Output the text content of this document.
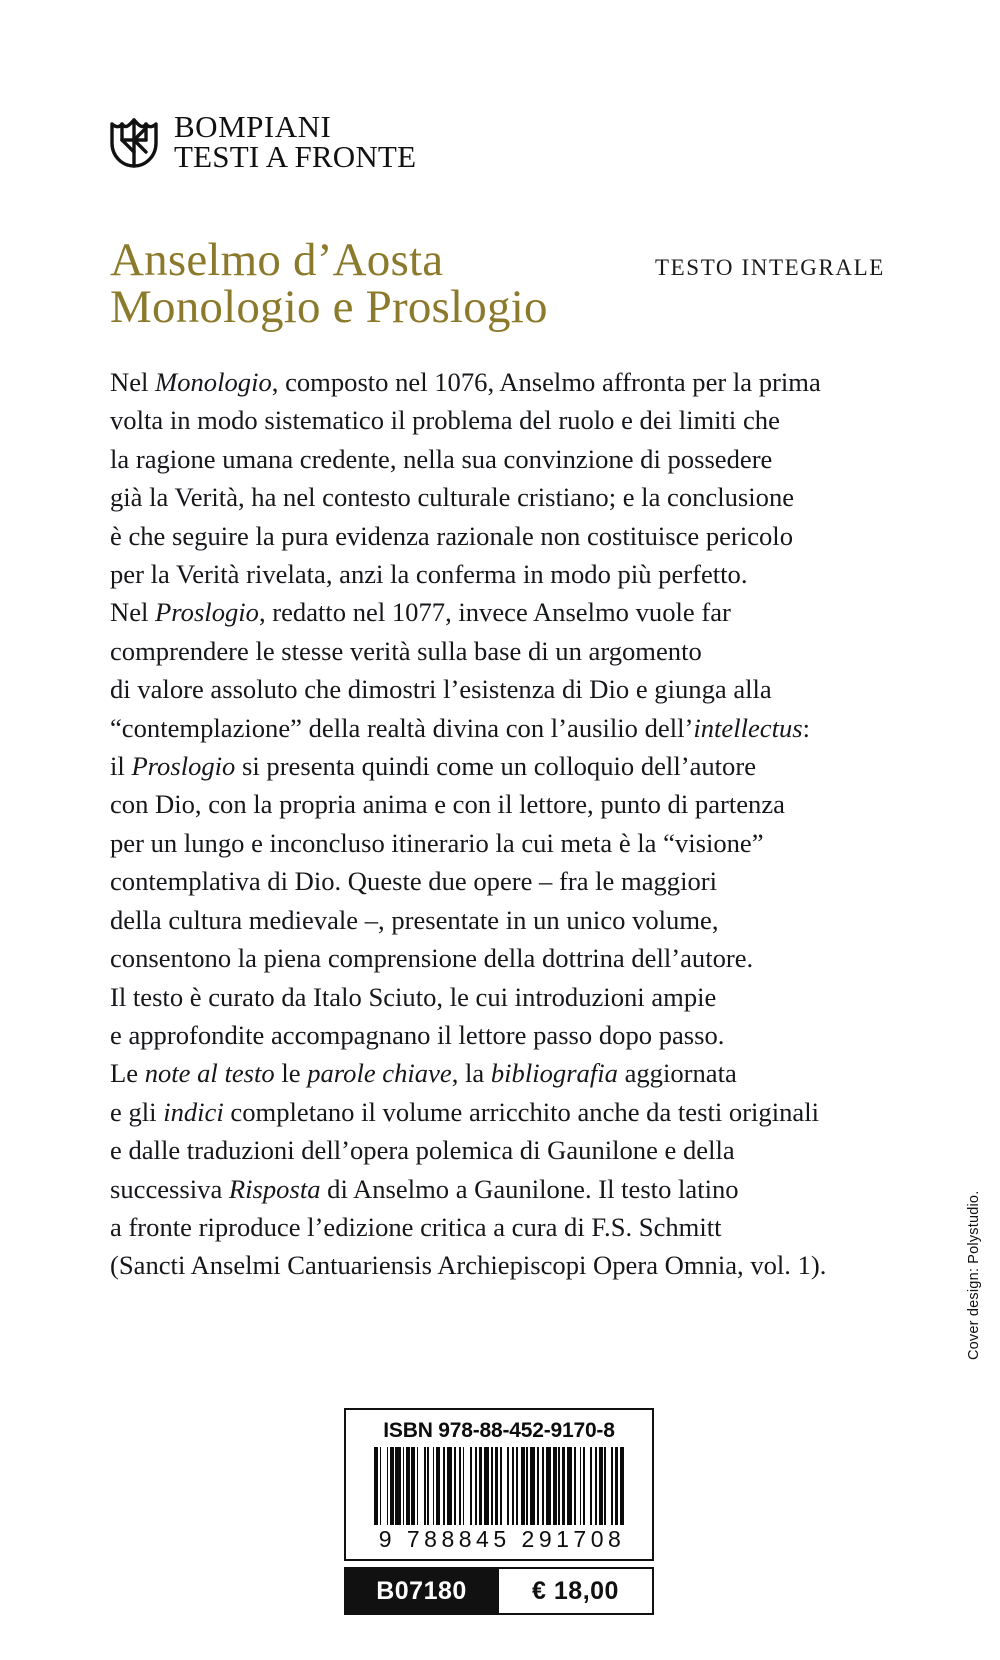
BOMPIANI
TESTI A FRONTE
Anselmo d’Aosta
Monologio e Proslogio
TESTO INTEGRALE
Nel Monologio, composto nel 1076, Anselmo affronta per la prima
volta in modo sistematico il problema del ruolo e dei limiti che
la ragione umana credente, nella sua convinzione di possedere
già la Verità, ha nel contesto culturale cristiano; e la conclusione
è che seguire la pura evidenza razionale non costituisce pericolo
per la Verità rivelata, anzi la conferma in modo più perfetto.
Nel Proslogio, redatto nel 1077, invece Anselmo vuole far
comprendere le stesse verità sulla base di un argomento
di valore assoluto che dimostri l’esistenza di Dio e giunga alla
“contemplazione” della realtà divina con l’ausilio dell’intellectus:
il Proslogio si presenta quindi come un colloquio dell’autore
con Dio, con la propria anima e con il lettore, punto di partenza
per un lungo e inconcluso itinerario la cui meta è la “visione”
contemplativa di Dio. Queste due opere – fra le maggiori
della cultura medievale –, presentate in un unico volume,
consentono la piena comprensione della dottrina dell’autore.
Il testo è curato da Italo Sciuto, le cui introduzioni ampie
e approfondite accompagnano il lettore passo dopo passo.
Le note al testo le parole chiave, la bibliografia aggiornata
e gli indici completano il volume arricchito anche da testi originali
e dalle traduzioni dell’opera polemica di Gaunilone e della
successiva Risposta di Anselmo a Gaunilone. Il testo latino
a fronte riproduce l’edizione critica a cura di F.S. Schmitt
(Sancti Anselmi Cantuariensis Archiepiscopi Opera Omnia, vol. 1).	Cover design: Polystudio.
ISBN 978-88-452-9170-8
9 788845 291708
B07180	€ 18,00
